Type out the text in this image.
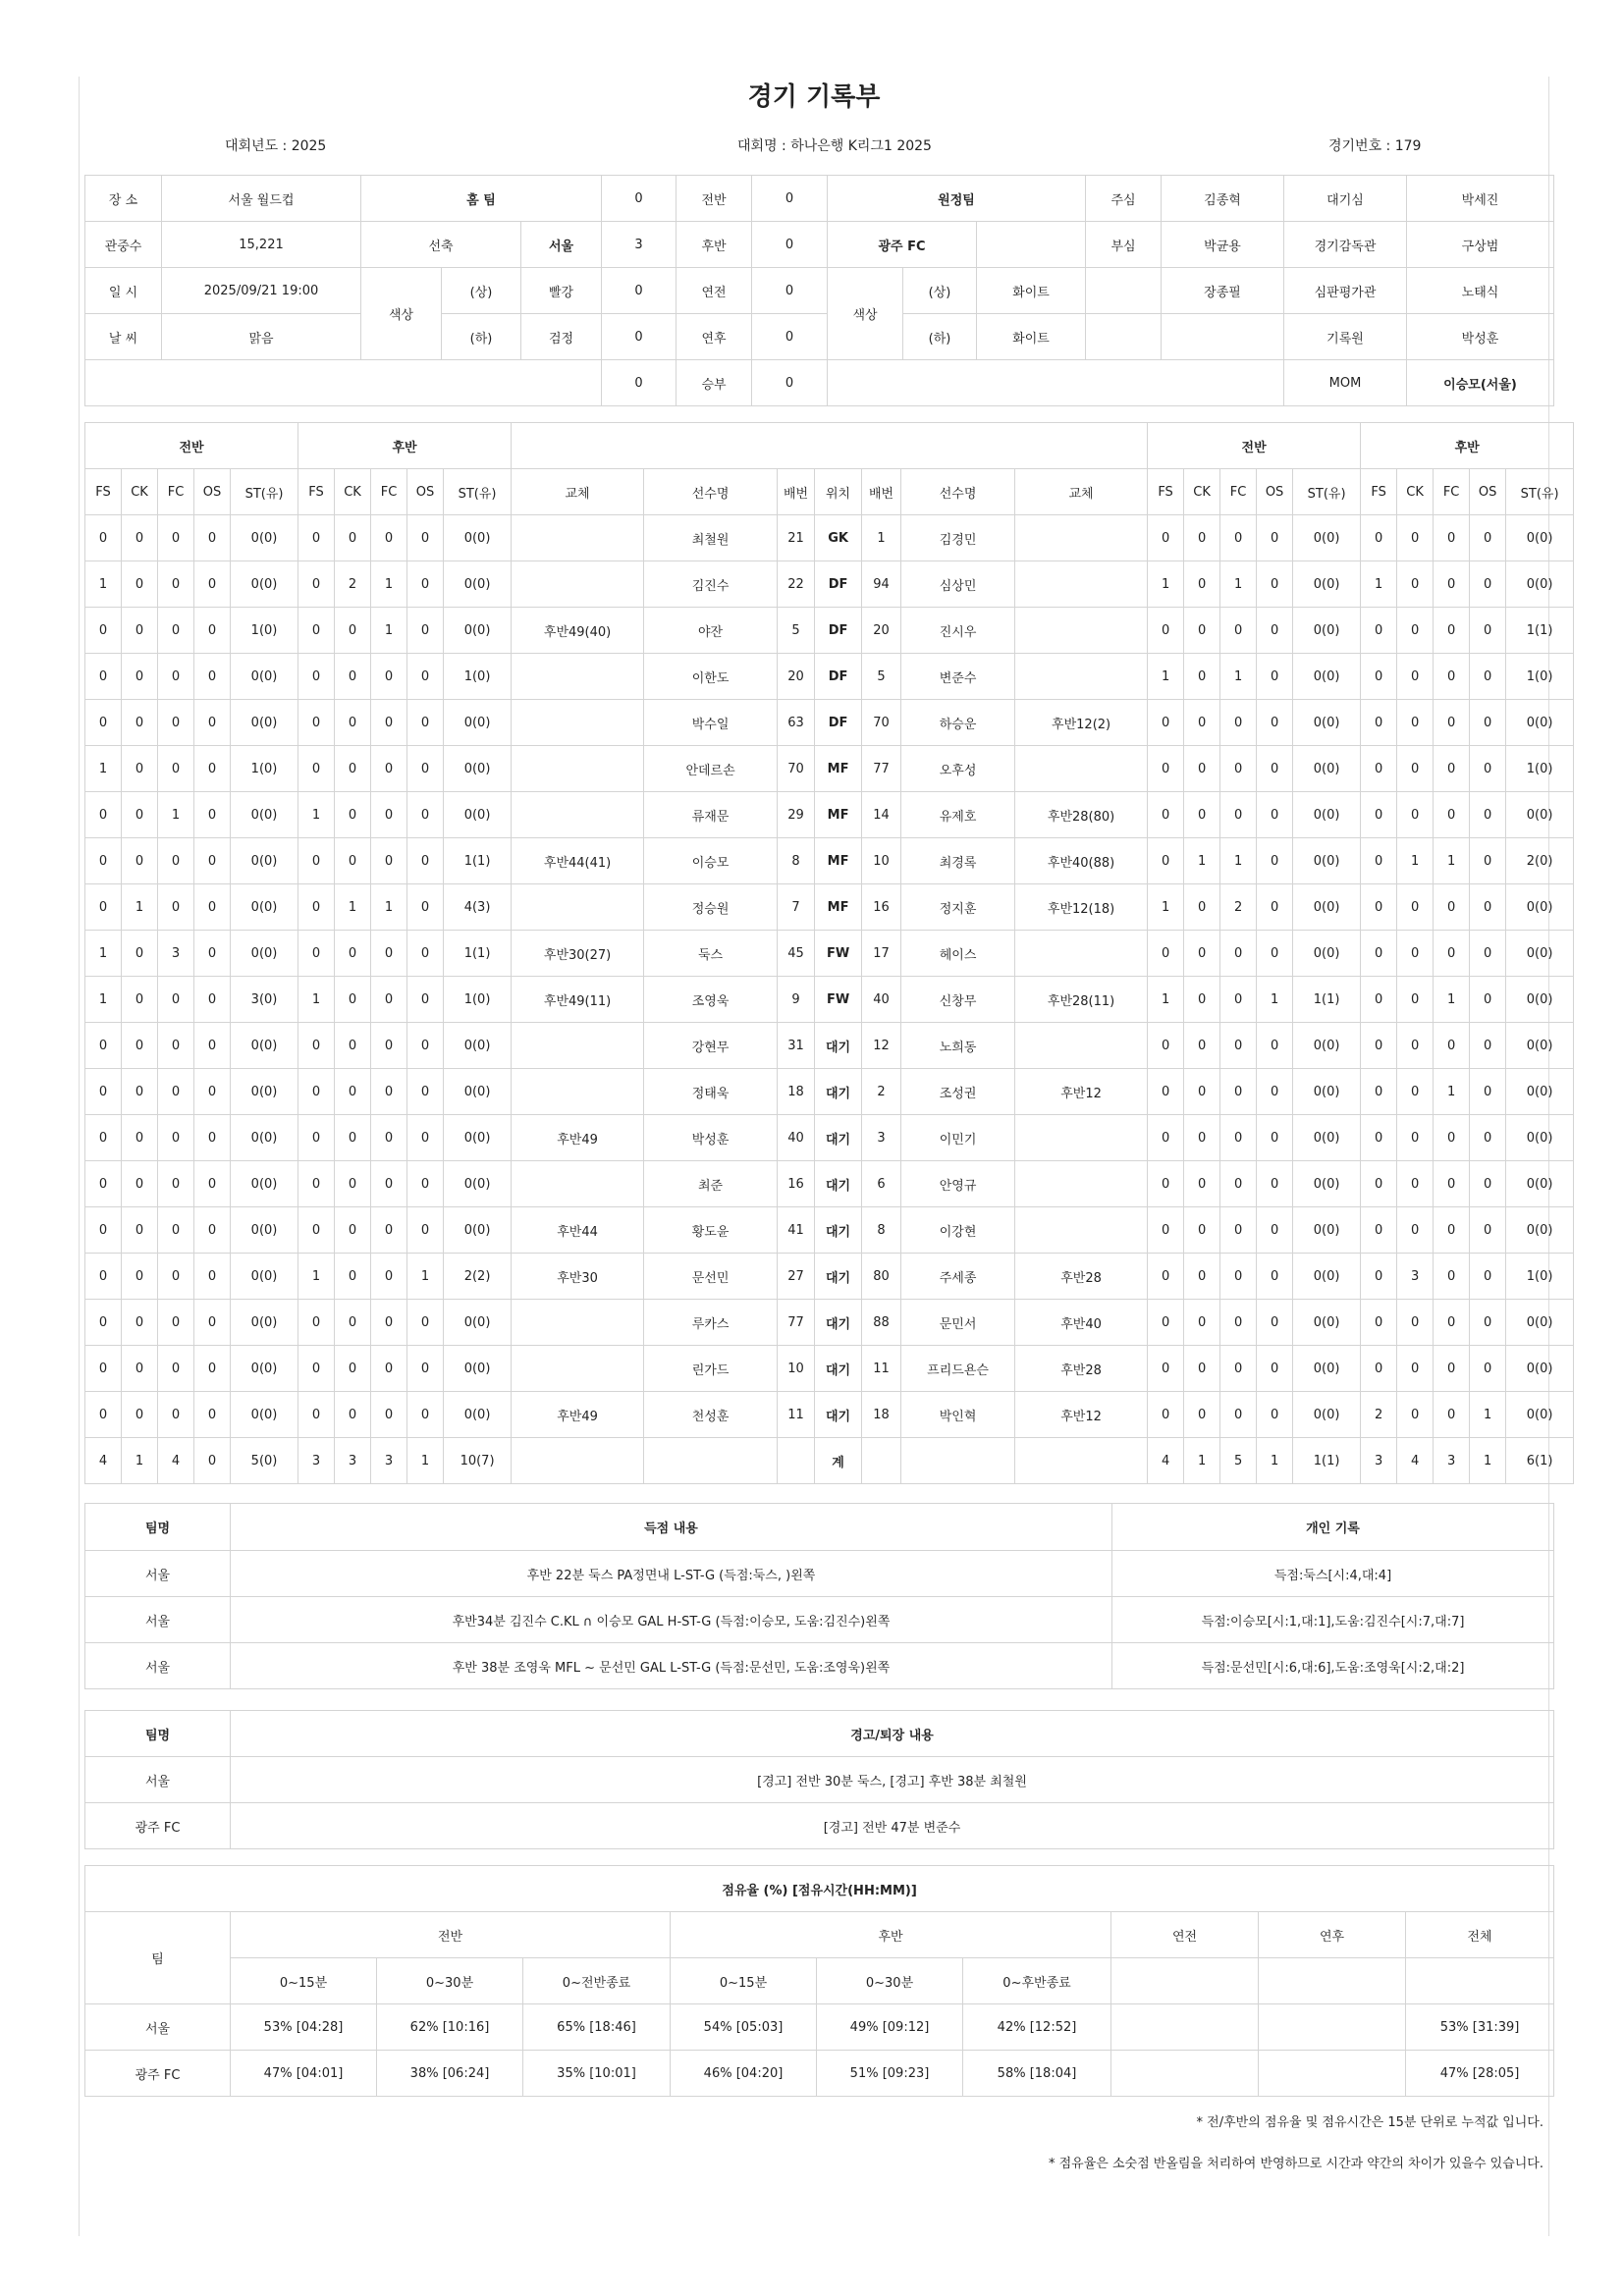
경기 기록부
대회년도 : 2025	대회명 : 하나은행 K리그1 2025	경기번호 : 179
장 소	서울 월드컵	홈 팀			0	전반	0	원정팀			주심	김종혁	대기심	박세진
관중수	15,221	선축		서울	3	후반	0	광주 FC			부심	박균용	경기감독관	구상범
일 시	2025/09/21 19:00	색상	(상)	빨강	0	연전	0	색상	(상)	화이트		장종필	심판평가관	노태식
날 씨	맑음		(하)	검정	0	연후	0		(하)	화이트			기록원	박성훈
					0	승부	0						MOM	이승모(서울)
전반					후반												전반					후반				
FS	CK	FC	OS	ST(유)	FS	CK	FC	OS	ST(유)	교체	선수명	배번	위치	배번	선수명	교체	FS	CK	FC	OS	ST(유)	FS	CK	FC	OS	ST(유)
0	0	0	0	0(0)	0	0	0	0	0(0)		최철원	21	GK	1	김경민		0	0	0	0	0(0)	0	0	0	0	0(0)
1	0	0	0	0(0)	0	2	1	0	0(0)		김진수	22	DF	94	심상민		1	0	1	0	0(0)	1	0	0	0	0(0)
0	0	0	0	1(0)	0	0	1	0	0(0)	후반49(40)	야잔	5	DF	20	진시우		0	0	0	0	0(0)	0	0	0	0	1(1)
0	0	0	0	0(0)	0	0	0	0	1(0)		이한도	20	DF	5	변준수		1	0	1	0	0(0)	0	0	0	0	1(0)
0	0	0	0	0(0)	0	0	0	0	0(0)		박수일	63	DF	70	하승운	후반12(2)	0	0	0	0	0(0)	0	0	0	0	0(0)
1	0	0	0	1(0)	0	0	0	0	0(0)		안데르손	70	MF	77	오후성		0	0	0	0	0(0)	0	0	0	0	1(0)
0	0	1	0	0(0)	1	0	0	0	0(0)		류재문	29	MF	14	유제호	후반28(80)	0	0	0	0	0(0)	0	0	0	0	0(0)
0	0	0	0	0(0)	0	0	0	0	1(1)	후반44(41)	이승모	8	MF	10	최경록	후반40(88)	0	1	1	0	0(0)	0	1	1	0	2(0)
0	1	0	0	0(0)	0	1	1	0	4(3)		정승원	7	MF	16	정지훈	후반12(18)	1	0	2	0	0(0)	0	0	0	0	0(0)
1	0	3	0	0(0)	0	0	0	0	1(1)	후반30(27)	둑스	45	FW	17	헤이스		0	0	0	0	0(0)	0	0	0	0	0(0)
1	0	0	0	3(0)	1	0	0	0	1(0)	후반49(11)	조영욱	9	FW	40	신창무	후반28(11)	1	0	0	1	1(1)	0	0	1	0	0(0)
0	0	0	0	0(0)	0	0	0	0	0(0)		강현무	31	대기	12	노희동		0	0	0	0	0(0)	0	0	0	0	0(0)
0	0	0	0	0(0)	0	0	0	0	0(0)		정태욱	18	대기	2	조성권	후반12	0	0	0	0	0(0)	0	0	1	0	0(0)
0	0	0	0	0(0)	0	0	0	0	0(0)	후반49	박성훈	40	대기	3	이민기		0	0	0	0	0(0)	0	0	0	0	0(0)
0	0	0	0	0(0)	0	0	0	0	0(0)		최준	16	대기	6	안영규		0	0	0	0	0(0)	0	0	0	0	0(0)
0	0	0	0	0(0)	0	0	0	0	0(0)	후반44	황도윤	41	대기	8	이강현		0	0	0	0	0(0)	0	0	0	0	0(0)
0	0	0	0	0(0)	1	0	0	1	2(2)	후반30	문선민	27	대기	80	주세종	후반28	0	0	0	0	0(0)	0	3	0	0	1(0)
0	0	0	0	0(0)	0	0	0	0	0(0)		루카스	77	대기	88	문민서	후반40	0	0	0	0	0(0)	0	0	0	0	0(0)
0	0	0	0	0(0)	0	0	0	0	0(0)		린가드	10	대기	11	프리드욘슨	후반28	0	0	0	0	0(0)	0	0	0	0	0(0)
0	0	0	0	0(0)	0	0	0	0	0(0)	후반49	천성훈	11	대기	18	박인혁	후반12	0	0	0	0	0(0)	2	0	0	1	0(0)
4	1	4	0	5(0)	3	3	3	1	10(7)				계				4	1	5	1	1(1)	3	4	3	1	6(1)
팀명	득점 내용	개인 기록
서울	후반 22분 둑스 PA정면내 L-ST-G (득점:둑스, )왼쪽	득점:둑스[시:4,대:4]
서울	후반34분 김진수 C.KL ∩ 이승모 GAL H-ST-G (득점:이승모, 도움:김진수)왼쪽	득점:이승모[시:1,대:1],도움:김진수[시:7,대:7]
서울	후반 38분 조영욱 MFL ~ 문선민 GAL L-ST-G (득점:문선민, 도움:조영욱)왼쪽	득점:문선민[시:6,대:6],도움:조영욱[시:2,대:2]
팀명	경고/퇴장 내용
서울	[경고] 전반 30분 둑스, [경고] 후반 38분 최철원
광주 FC	[경고] 전반 47분 변준수
점유율 (%) [점유시간(HH:MM)]									
팀	전반			후반			연전	연후	전체
	0~15분	0~30분	0~전반종료	0~15분	0~30분	0~후반종료			
서울	53% [04:28]	62% [10:16]	65% [18:46]	54% [05:03]	49% [09:12]	42% [12:52]			53% [31:39]
광주 FC	47% [04:01]	38% [06:24]	35% [10:01]	46% [04:20]	51% [09:23]	58% [18:04]			47% [28:05]
* 전/후반의 점유율 및 점유시간은 15분 단위로 누적값 입니다.
* 점유율은 소숫점 반올림을 처리하여 반영하므로 시간과 약간의 차이가 있을수 있습니다.
